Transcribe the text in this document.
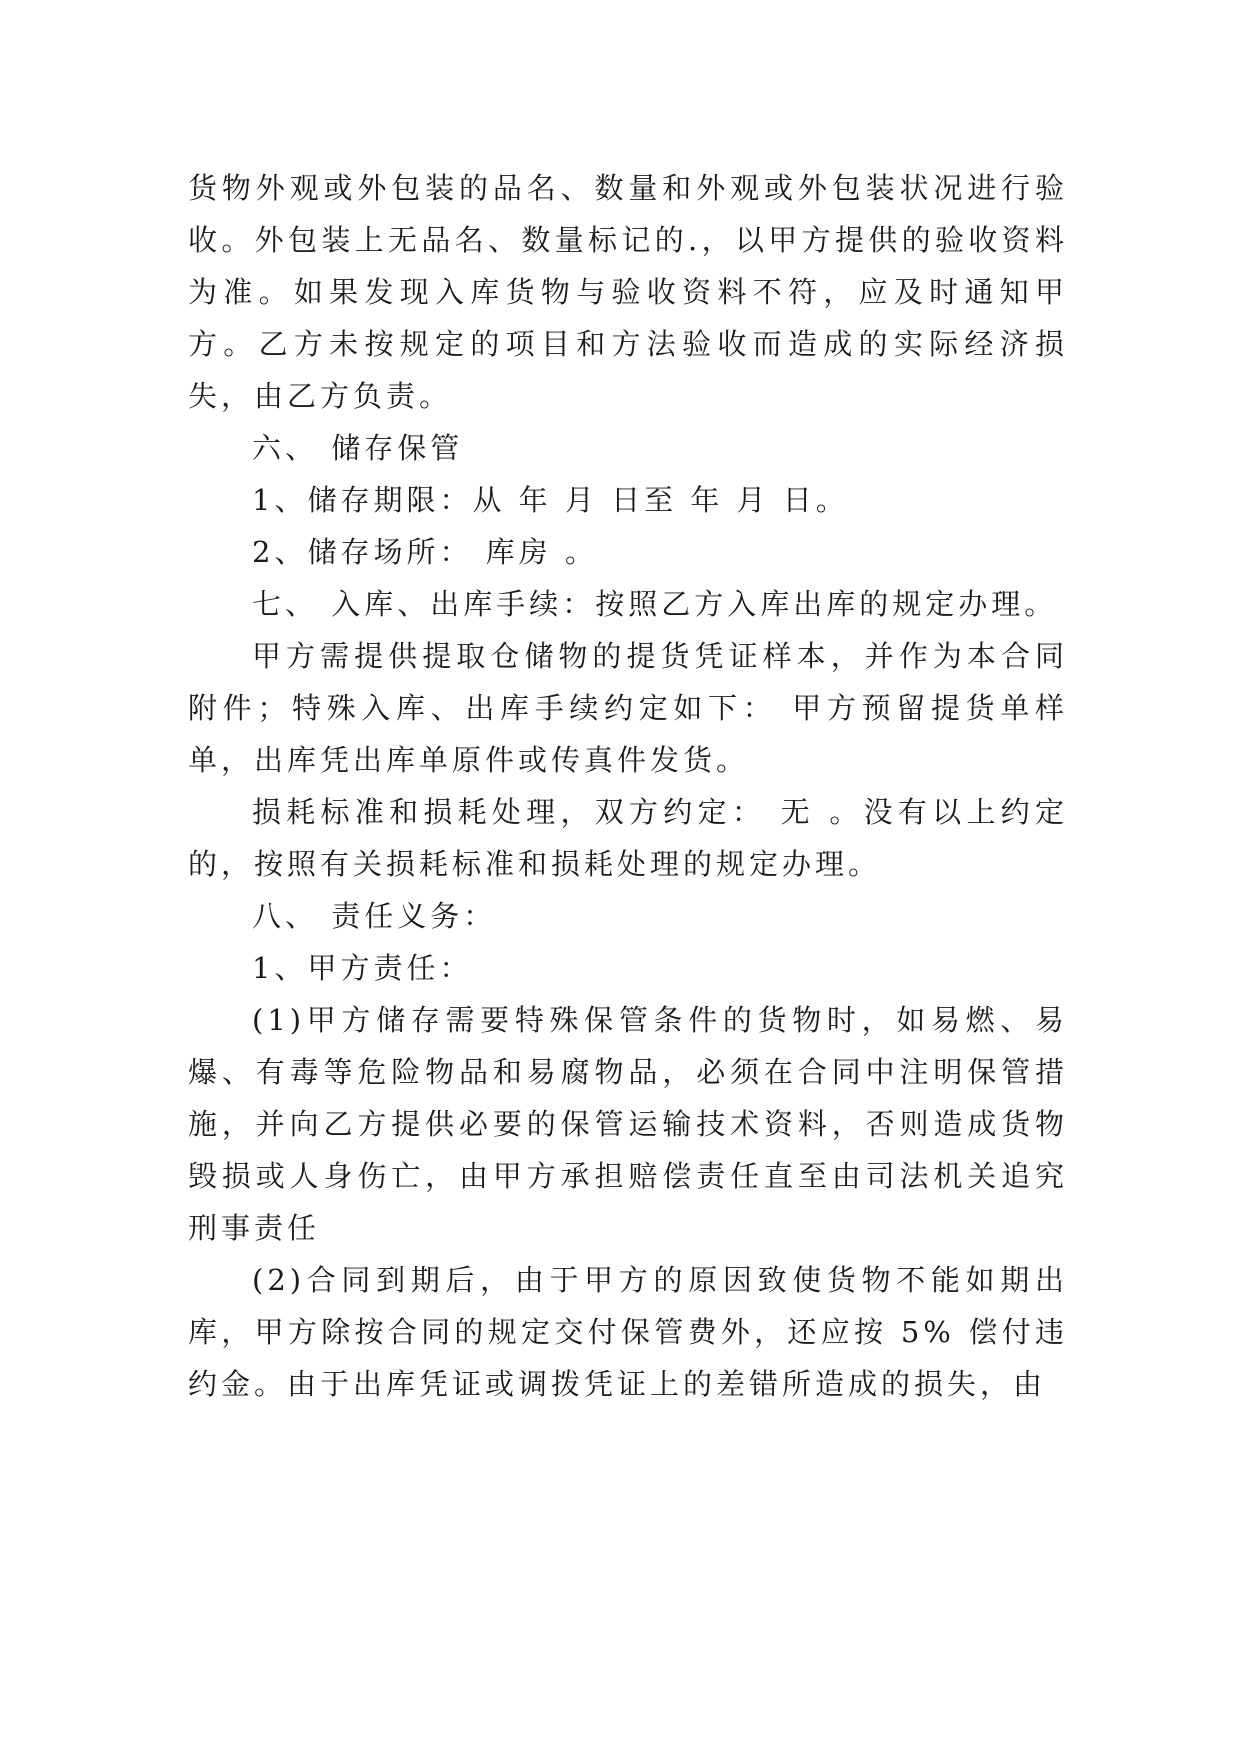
货物外观或外包装的品名、数量和外观或外包装状况进行验收。外包装上无品名、数量标记的.，以甲方提供的验收资料为准。如果发现入库货物与验收资料不符，应及时通知甲方。乙方未按规定的项目和方法验收而造成的实际经济损失，由乙方负责。

六、 储存保管

1、储存期限：从 年 月 日至 年 月 日。

2、储存场所： 库房 。

七、 入库、出库手续：按照乙方入库出库的规定办理。

甲方需提供提取仓储物的提货凭证样本，并作为本合同附件；特殊入库、出库手续约定如下： 甲方预留提货单样单，出库凭出库单原件或传真件发货。

损耗标准和损耗处理，双方约定： 无 。没有以上约定的，按照有关损耗标准和损耗处理的规定办理。

八、 责任义务：

1、甲方责任：

(1)甲方储存需要特殊保管条件的货物时，如易燃、易爆、有毒等危险物品和易腐物品，必须在合同中注明保管措施，并向乙方提供必要的保管运输技术资料，否则造成货物毁损或人身伤亡，由甲方承担赔偿责任直至由司法机关追究刑事责任

(2)合同到期后，由于甲方的原因致使货物不能如期出库，甲方除按合同的规定交付保管费外，还应按 5% 偿付违约金。由于出库凭证或调拨凭证上的差错所造成的损失，由
